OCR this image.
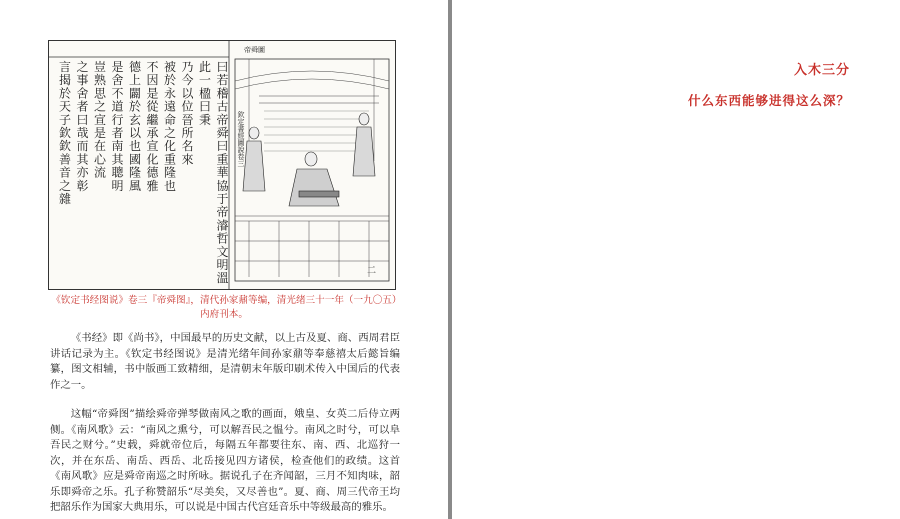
帝舜圖
言揭於天子欽欽善音之雜
之事舍者曰哉而其亦彰
豈熟思之宣是在心流
是舍不道行者南其聰明
德上闢於玄以也國隆風
不因是從繼承宣化德雅
被於永遠命之化重隆也
乃今以位晉所名來
此一楹曰秉
曰若稽古帝舜曰重華協于帝濬哲文明溫
二
欽定書經圖說卷三

《钦定书经图说》卷三『帝舜图』，清代孙家鼐等编，清光绪三十一年（一九〇五）内府刊本。

《书经》即《尚书》，中国最早的历史文献，以上古及夏、商、西周君臣讲话记录为主。《钦定书经图说》是清光绪年间孙家鼐等奉慈禧太后懿旨编纂，图文相辅，书中版画工致精细，是清朝末年版印刷术传入中国后的代表作之一。

这幅“帝舜图”描绘舜帝弹琴做南风之歌的画面，娥皇、女英二后侍立两侧。《南风歌》云：“南风之熏兮，可以解吾民之愠兮。南风之时兮，可以阜吾民之财兮。”史载，舜就帝位后，每隔五年都要往东、南、西、北巡狩一次，并在东岳、南岳、西岳、北岳接见四方诸侯，检查他们的政绩。这首《南风歌》应是舜帝南巡之时所咏。据说孔子在齐闻韶，三月不知肉味，韶乐即舜帝之乐。孔子称赞韶乐“尽美矣，又尽善也”。夏、商、周三代帝王均把韶乐作为国家大典用乐，可以说是中国古代宫廷音乐中等级最高的雅乐。

入木三分
什么东西能够进得这么深？
